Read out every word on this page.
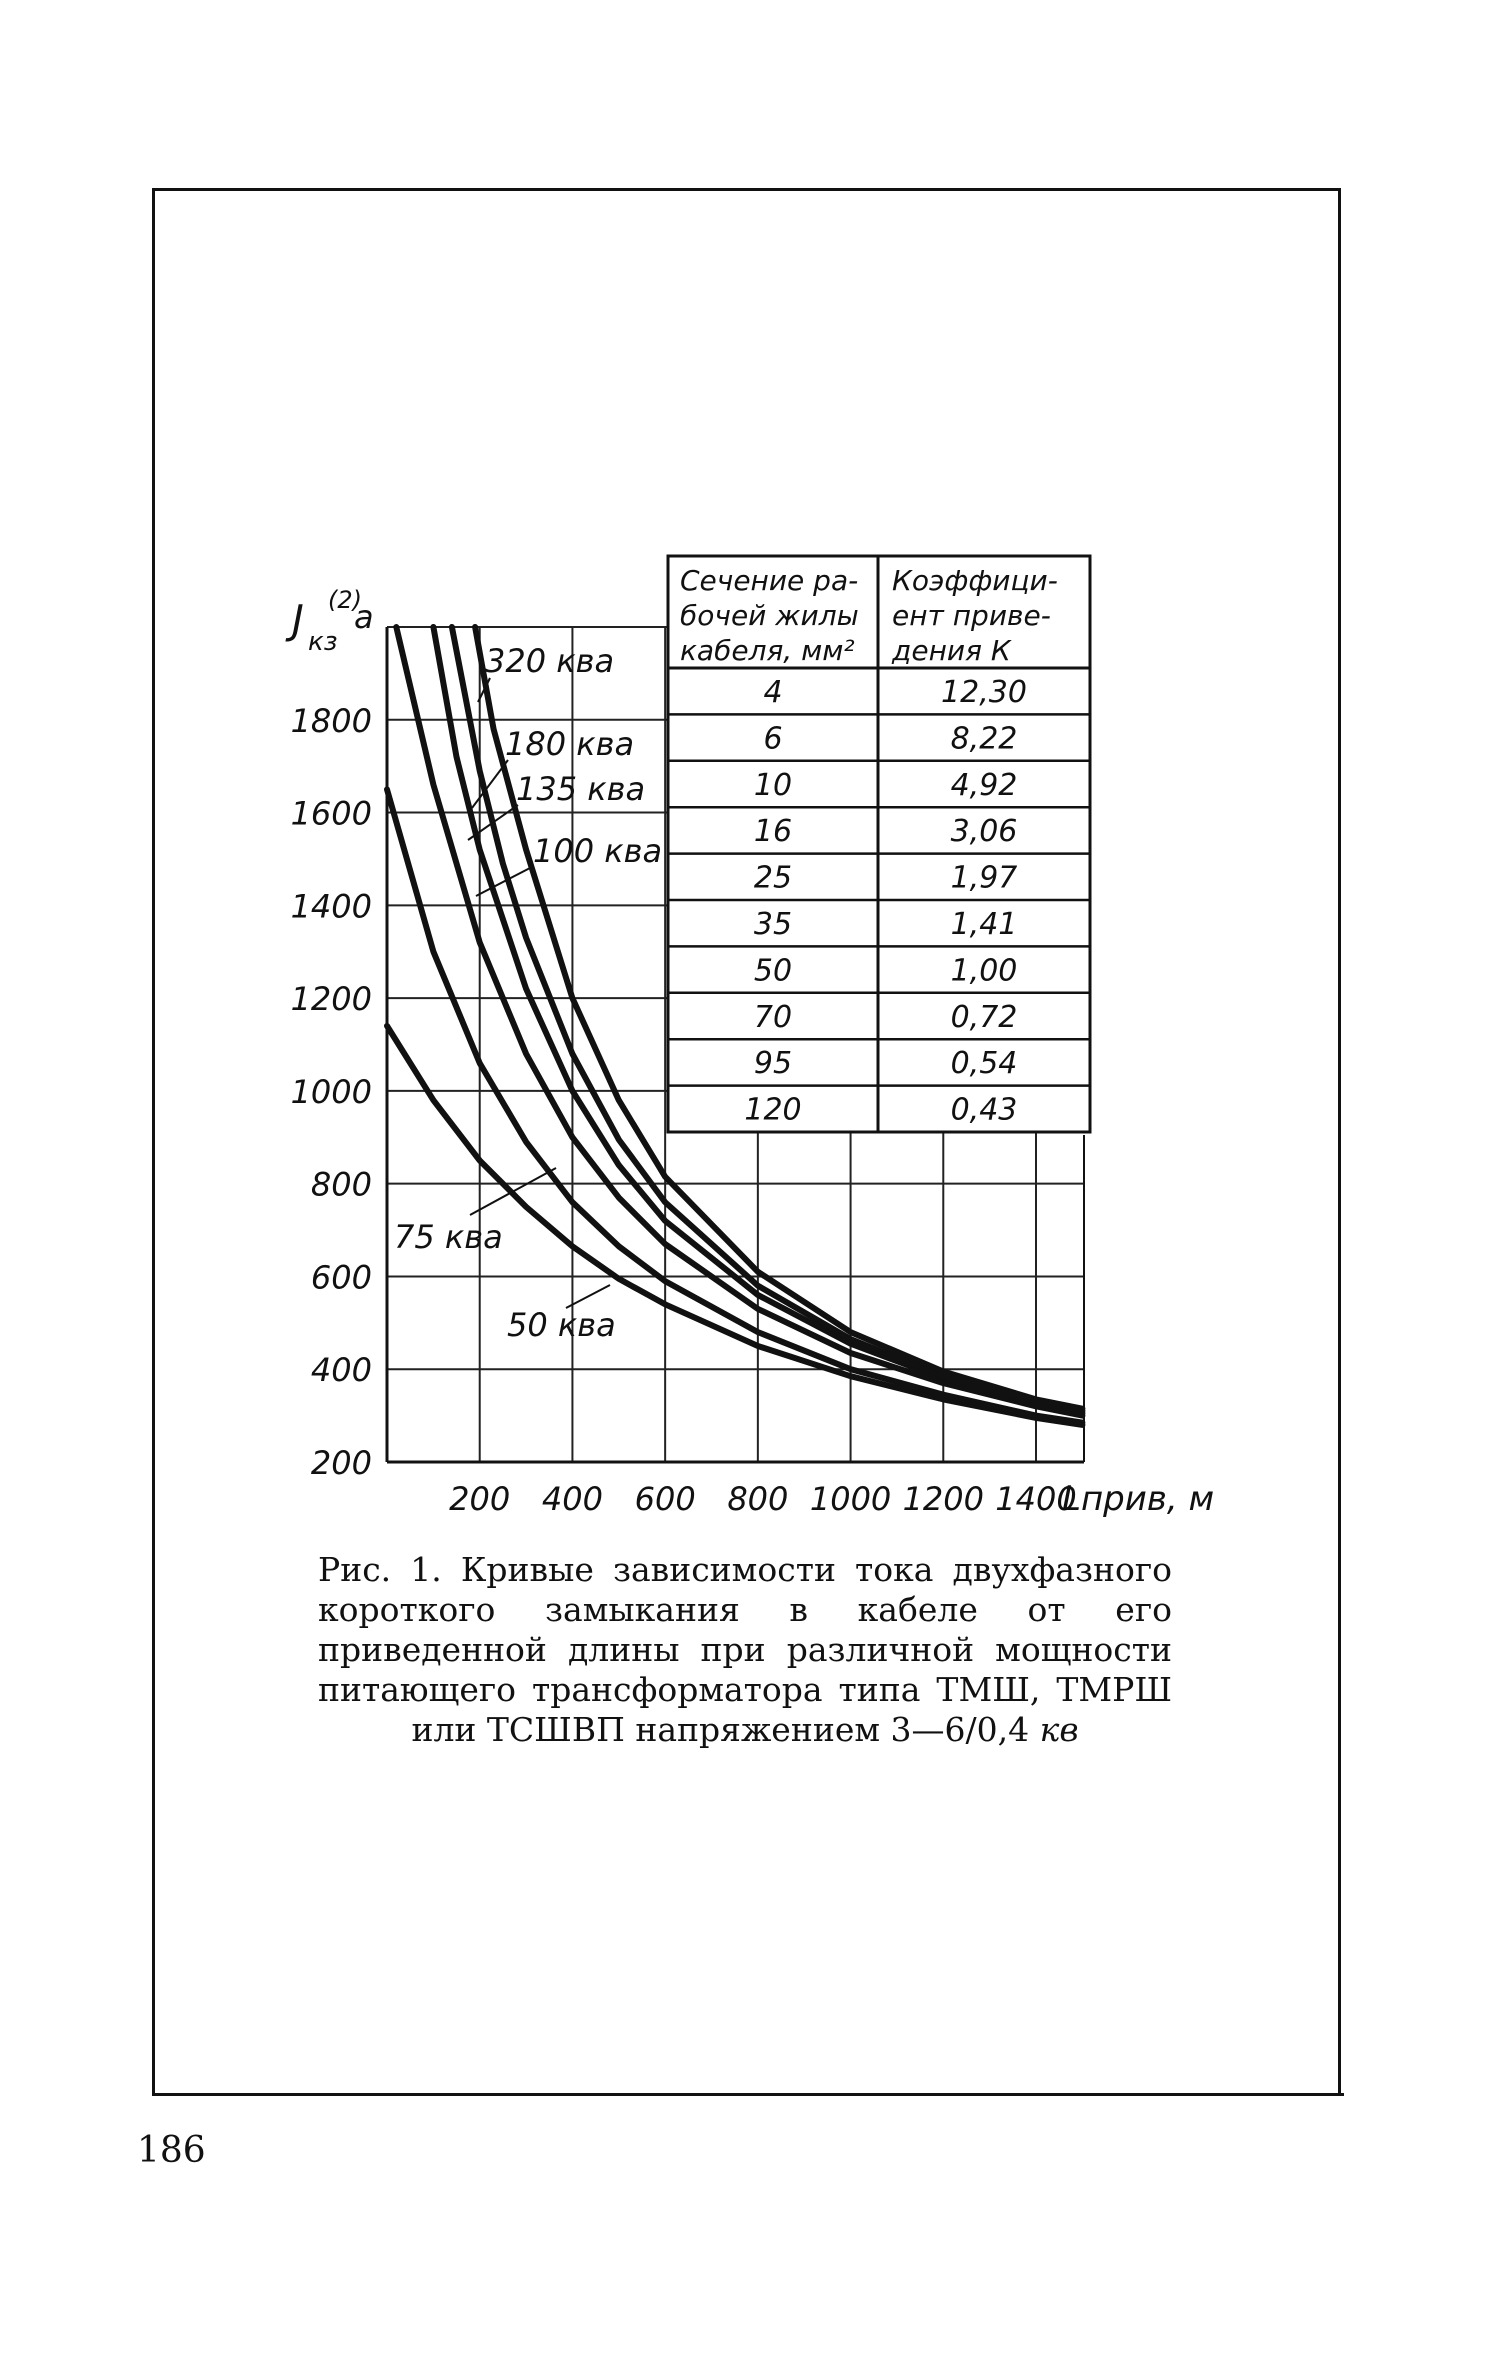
Сечение ра-
бочей жилы
кабеля, мм²
Коэффици-
ент приве-
дения К
4	12,30
6	8,22
10	4,92
16	3,06
25	1,97
35	1,41
50	1,00
70	0,72
95	0,54
120	0,43
200
400
600
800
1000
1200
1400
1600
1800
200 400 600 800 1000 1200 1400
J кз
(2)
a
Lприв, м
50 ква
75 ква
100 ква
135 ква
180 ква
320 ква
Рис. 1. Кривые зависимости тока двухфазного короткого замыкания в кабеле от его приведенной длины при различной мощности питающего трансформатора типа ТМШ, ТМРШ или ТСШВП напряжением 3—6/0,4 кв
186
